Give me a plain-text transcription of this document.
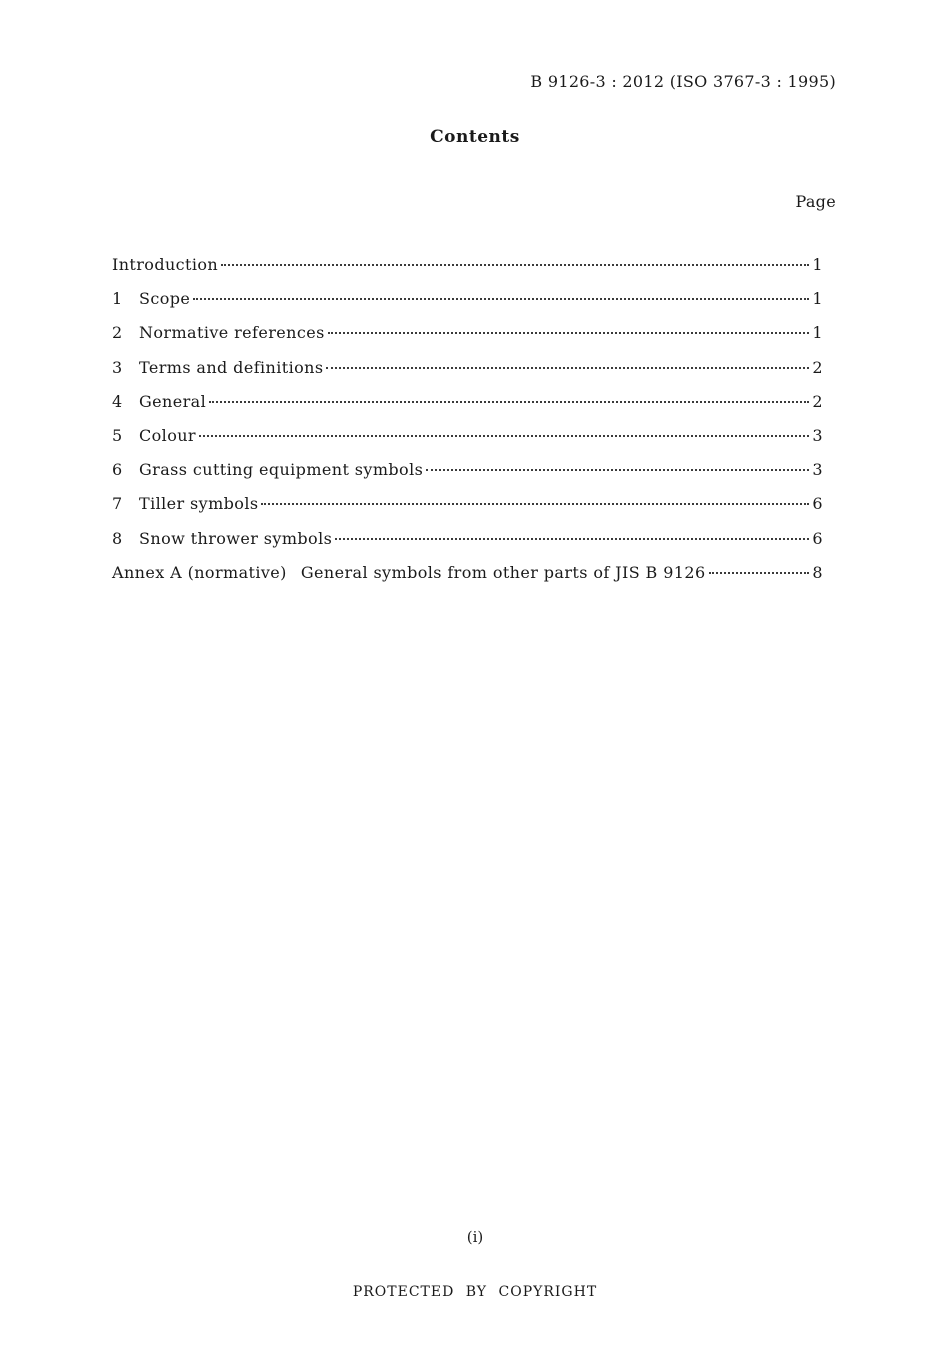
B 9126-3 : 2012 (ISO 3767-3 : 1995)
Contents
Page
Introduction	1
1	Scope	1
2	Normative references	1
3	Terms and definitions	2
4	General	2
5	Colour	3
6	Grass cutting equipment symbols	3
7	Tiller symbols	6
8	Snow thrower symbols	6
Annex A (normative) General symbols from other parts of JIS B 9126	8
(i)
PROTECTED BY COPYRIGHT
